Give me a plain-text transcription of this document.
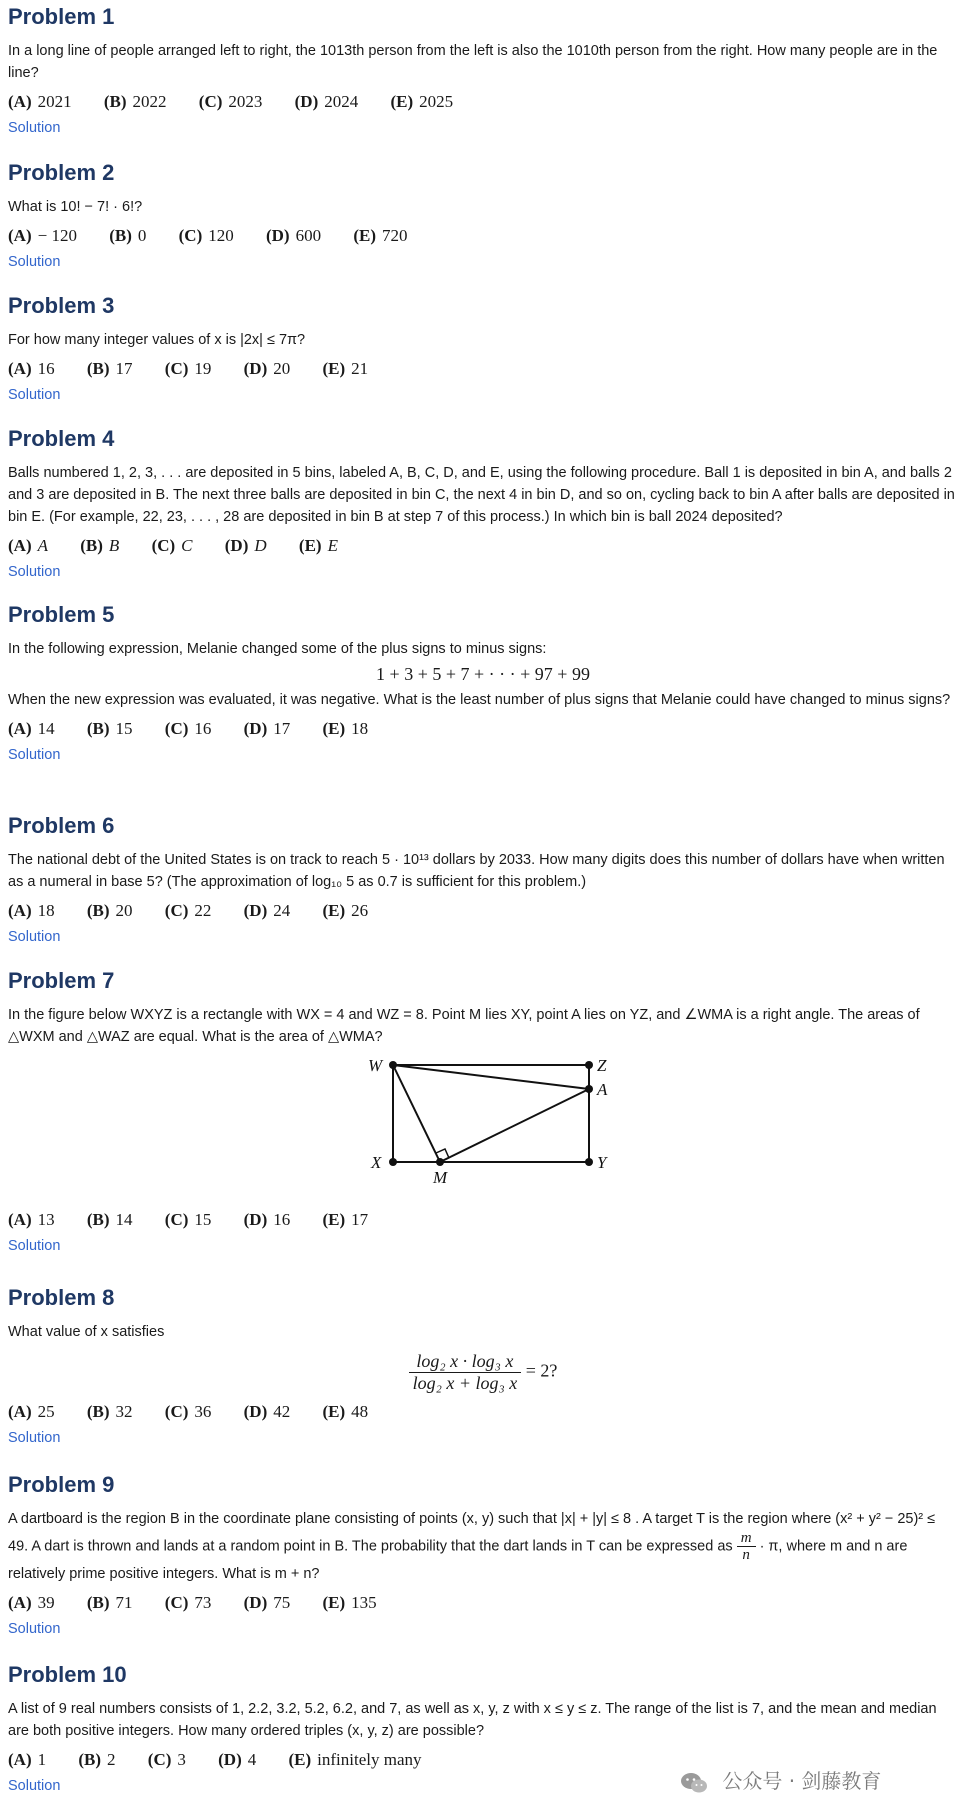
Problem 1
In a long line of people arranged left to right, the 1013th person from the left is also the 1010th person from the right. How many people are in the line?
(A) 2021 (B) 2022 (C) 2023 (D) 2024 (E) 2025
Solution
Problem 2
What is 10! − 7! · 6!?
(A) − 120 (B) 0 (C) 120 (D) 600 (E) 720
Solution
Problem 3
For how many integer values of x is |2x| ≤ 7π?
(A) 16 (B) 17 (C) 19 (D) 20 (E) 21
Solution
Problem 4
Balls numbered 1, 2, 3, . . . are deposited in 5 bins, labeled A, B, C, D, and E, using the following procedure. Ball 1 is deposited in bin A, and balls 2 and 3 are deposited in B. The next three balls are deposited in bin C, the next 4 in bin D, and so on, cycling back to bin A after balls are deposited in bin E. (For example, 22, 23, . . . , 28 are deposited in bin B at step 7 of this process.) In which bin is ball 2024 deposited?
(A) A (B) B (C) C (D) D (E) E
Solution
Problem 5
In the following expression, Melanie changed some of the plus signs to minus signs:
1 + 3 + 5 + 7 + · · · + 97 + 99
When the new expression was evaluated, it was negative. What is the least number of plus signs that Melanie could have changed to minus signs?
(A) 14 (B) 15 (C) 16 (D) 17 (E) 18
Solution
Problem 6
The national debt of the United States is on track to reach 5 · 10¹³ dollars by 2033. How many digits does this number of dollars have when written as a numeral in base 5? (The approximation of log₁₀ 5 as 0.7 is sufficient for this problem.)
(A) 18 (B) 20 (C) 22 (D) 24 (E) 26
Solution
Problem 7
In the figure below WXYZ is a rectangle with WX = 4 and WZ = 8. Point M lies XY, point A lies on YZ, and ∠WMA is a right angle. The areas of △WXM and △WAZ are equal. What is the area of △WMA?
W	Z
A
X
M
Y
(A) 13 (B) 14 (C) 15 (D) 16 (E) 17
Solution
Problem 8
What value of x satisfies
$\frac{\text{log₂ x · log₃ x}}{\text{log₂ x + log₃ x}} = 2$?
(A) 25 (B) 32 (C) 36 (D) 42 (E) 48
Solution
Problem 9
A dartboard is the region B in the coordinate plane consisting of points (x, y) such that |x| + |y| ≤ 8 . A target T is the region where (x² + y² − 25)² ≤ 49. A dart is thrown and lands at a random point in B. The probability that the dart lands in T can be expressed as $\frac{m}{n} \cdot \pi$, where m and n are relatively prime positive integers. What is m + n?
(A) 39 (B) 71 (C) 73 (D) 75 (E) 135
Solution
Problem 10
A list of 9 real numbers consists of 1, 2.2, 3.2, 5.2, 6.2, and 7, as well as x, y, z with x ≤ y ≤ z. The range of the list is 7, and the mean and median are both positive integers. How many ordered triples (x, y, z) are possible?
(A) 1 (B) 2 (C) 3 (D) 4 (E) infinitely many
Solution	公众号 · 剑藤教育
